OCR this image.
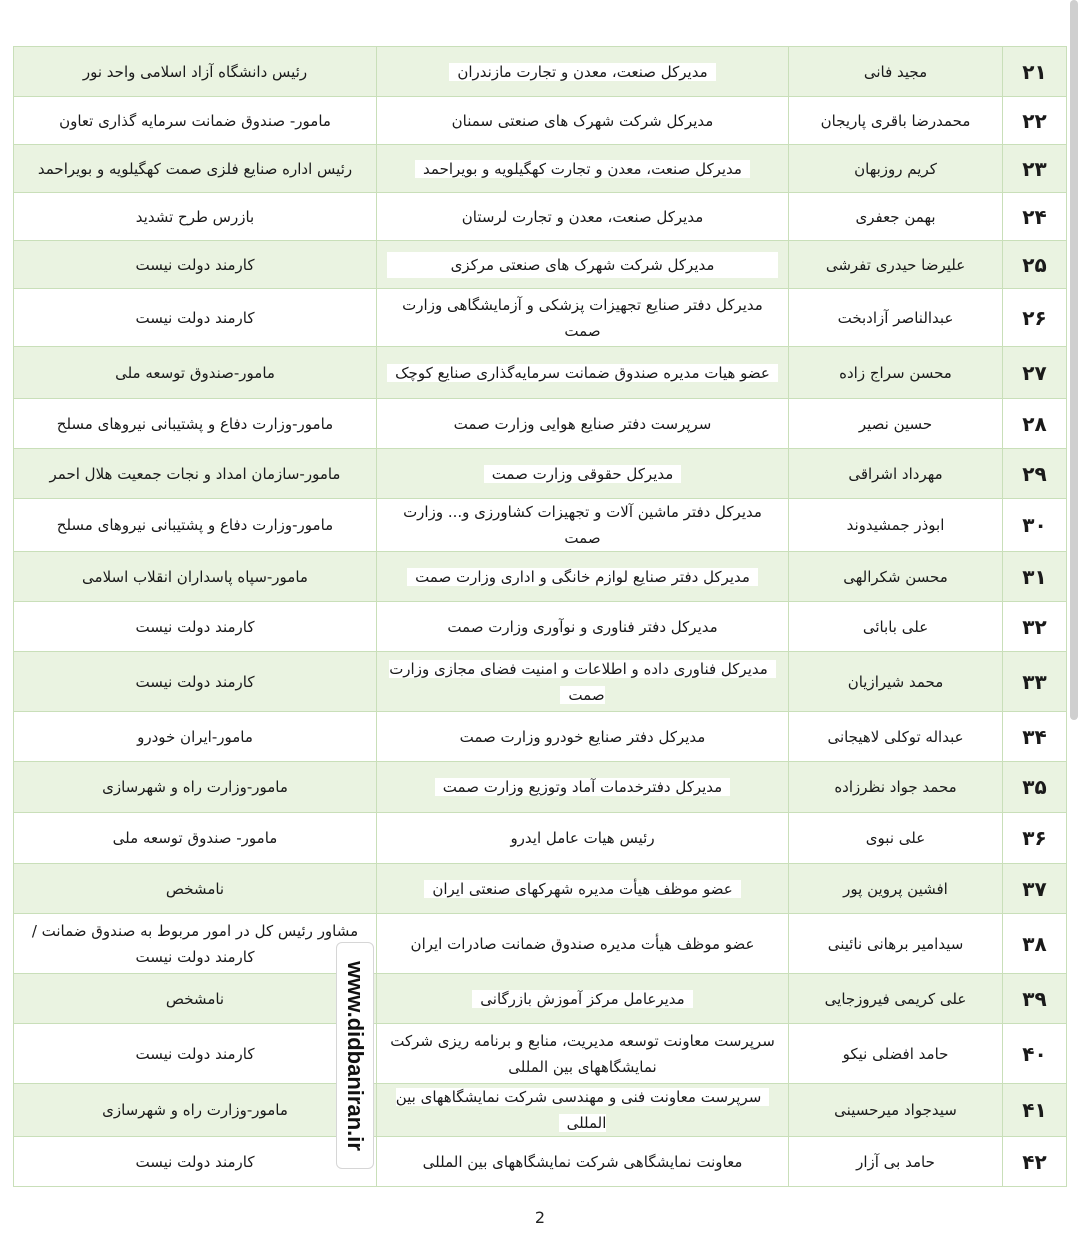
۲۱	مجید فانی	مدیرکل صنعت، معدن و تجارت مازندران	رئیس دانشگاه آزاد اسلامی واحد نور
۲۲	محمدرضا باقری پاریجان	مدیرکل شرکت شهرک های صنعتی سمنان	مامور- صندوق ضمانت سرمایه گذاری تعاون
۲۳	کریم روزبهان	مدیرکل صنعت، معدن و تجارت کهگیلویه و بویراحمد	رئیس اداره صنایع فلزی صمت کهگیلویه و بویراحمد
۲۴	بهمن جعفری	مدیرکل صنعت، معدن و تجارت لرستان	بازرس طرح تشدید
۲۵	علیرضا حیدری تفرشی	مدیرکل شرکت شهرک های صنعتی مرکزی	کارمند دولت نیست
۲۶	عبدالناصر آزادبخت	مدیرکل دفتر صنایع تجهیزات پزشکی و آزمایشگاهی وزارت صمت	کارمند دولت نیست
۲۷	محسن سراج زاده	عضو هیات مدیره صندوق ضمانت سرمایه‌گذاری صنایع کوچک	مامور-صندوق توسعه ملی
۲۸	حسین نصیر	سرپرست دفتر صنایع هوایی وزارت صمت	مامور-وزارت دفاع و پشتیبانی نیروهای مسلح
۲۹	مهرداد اشراقی	مدیرکل حقوقی وزارت صمت	مامور-سازمان امداد و نجات جمعیت هلال احمر
۳۰	ابوذر جمشیدوند	مدیرکل دفتر ماشین آلات و تجهیزات کشاورزی و... وزارت صمت	مامور-وزارت دفاع و پشتیبانی نیروهای مسلح
۳۱	محسن شکرالهی	مدیرکل دفتر صنایع لوازم خانگی و اداری وزارت صمت	مامور-سپاه پاسداران انقلاب اسلامی
۳۲	علی بابائی	مدیرکل دفتر فناوری و نوآوری وزارت صمت	کارمند دولت نیست
۳۳	محمد شیرازیان	مدیرکل فناوری داده و اطلاعات و امنیت فضای مجازی وزارت صمت	کارمند دولت نیست
۳۴	عبداله توکلی لاهیجانی	مدیرکل دفتر صنایع خودرو وزارت صمت	مامور-ایران خودرو
۳۵	محمد جواد نظرزاده	مدیرکل دفترخدمات آماد وتوزیع وزارت صمت	مامور-وزارت راه و شهرسازی
۳۶	علی نبوی	رئیس هیات عامل ایدرو	مامور- صندوق توسعه ملی
۳۷	افشین پروین پور	عضو موظف هیأت مدیره شهرکهای صنعتی ایران	نامشخص
۳۸	سیدامیر برهانی نائینی	عضو موظف هیأت مدیره صندوق ضمانت صادرات ایران	مشاور رئیس کل در امور مربوط به صندوق ضمانت / کارمند دولت نیست
۳۹	علی کریمی فیروزجایی	مدیرعامل مرکز آموزش بازرگانی	نامشخص
۴۰	حامد افضلی نیکو	سرپرست معاونت توسعه مدیریت، منابع و برنامه ریزی شرکت نمایشگاههای بین المللی	کارمند دولت نیست
۴۱	سیدجواد میرحسینی	سرپرست معاونت فنی و مهندسی شرکت نمایشگاههای بین المللی	مامور-وزارت راه و شهرسازی
۴۲	حامد بی آزار	معاونت نمایشگاهی شرکت نمایشگاههای بین المللی	کارمند دولت نیست
www.didbaniran.ir
2
